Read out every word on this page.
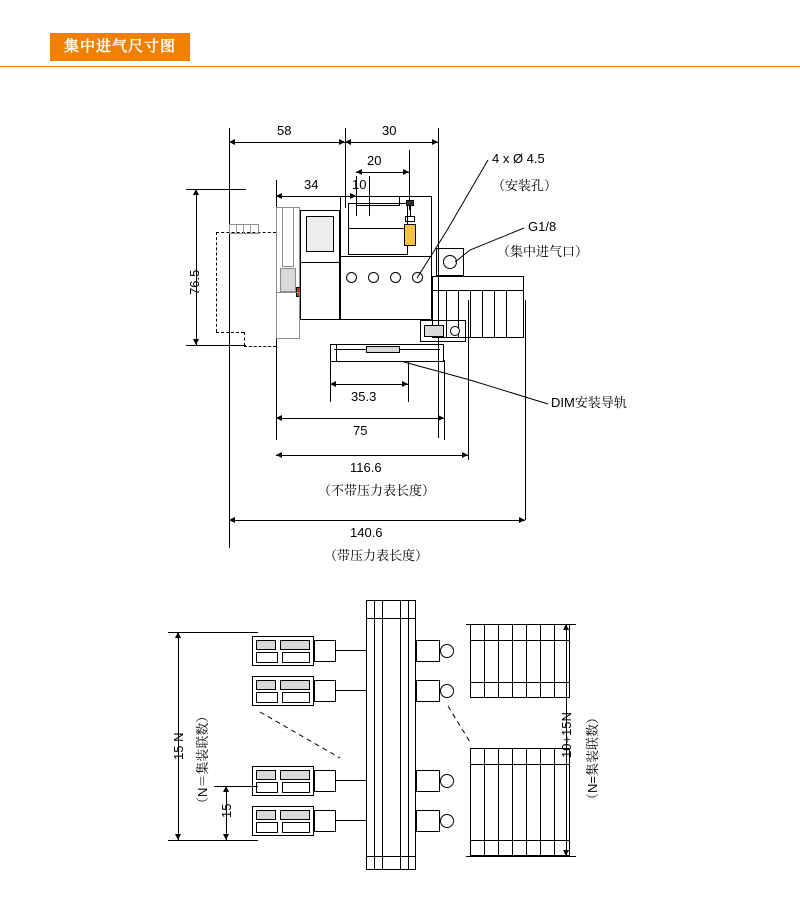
集中进气尺寸图
58	30
20
34	10
76.5
35.3
75
116.6
（不带压力表长度）
140.6
（带压力表长度）
4 x Ø 4.5
（安装孔）
G1/8
（集中进气口）
DIM安装导轨
15 N （N＝集装联数）
15
10+15N （N=集装联数）
